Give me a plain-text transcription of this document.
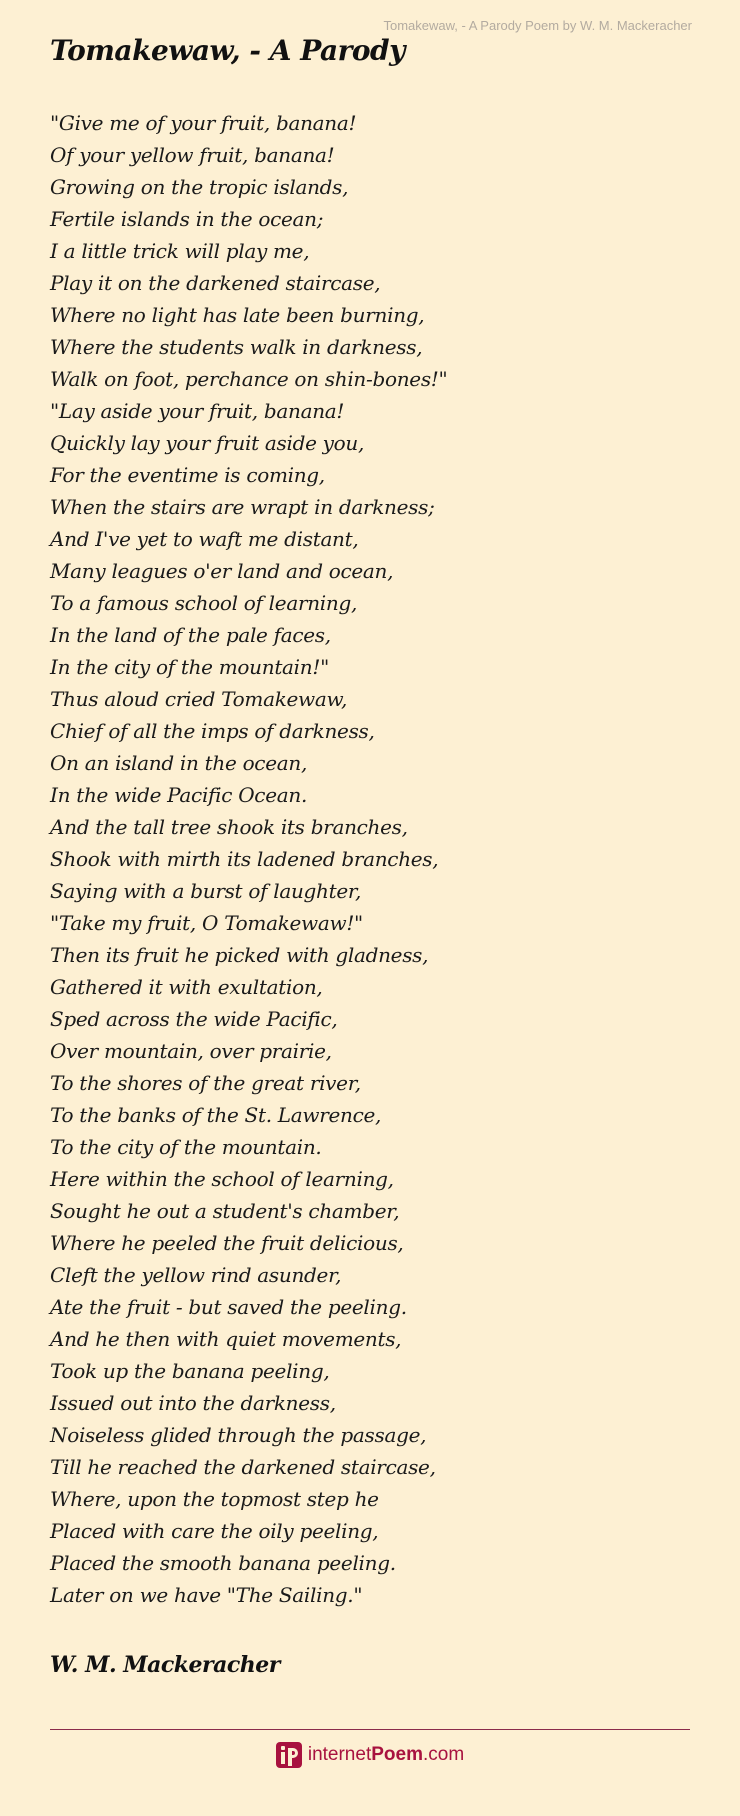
Tomakewaw, - A Parody Poem by W. M. Mackeracher
Tomakewaw, - A Parody
"Give me of your fruit, banana!
Of your yellow fruit, banana!
Growing on the tropic islands,
Fertile islands in the ocean;
I a little trick will play me,
Play it on the darkened staircase,
Where no light has late been burning,
Where the students walk in darkness,
Walk on foot, perchance on shin-bones!"
"Lay aside your fruit, banana!
Quickly lay your fruit aside you,
For the eventime is coming,
When the stairs are wrapt in darkness;
And I've yet to waft me distant,
Many leagues o'er land and ocean,
To a famous school of learning,
In the land of the pale faces,
In the city of the mountain!"
Thus aloud cried Tomakewaw,
Chief of all the imps of darkness,
On an island in the ocean,
In the wide Pacific Ocean.
And the tall tree shook its branches,
Shook with mirth its ladened branches,
Saying with a burst of laughter,
"Take my fruit, O Tomakewaw!"
Then its fruit he picked with gladness,
Gathered it with exultation,
Sped across the wide Pacific,
Over mountain, over prairie,
To the shores of the great river,
To the banks of the St. Lawrence,
To the city of the mountain.
Here within the school of learning,
Sought he out a student's chamber,
Where he peeled the fruit delicious,
Cleft the yellow rind asunder,
Ate the fruit - but saved the peeling.
And he then with quiet movements,
Took up the banana peeling,
Issued out into the darkness,
Noiseless glided through the passage,
Till he reached the darkened staircase,
Where, upon the topmost step he
Placed with care the oily peeling,
Placed the smooth banana peeling.
Later on we have "The Sailing."
W. M. Mackeracher
internetPoem.com
